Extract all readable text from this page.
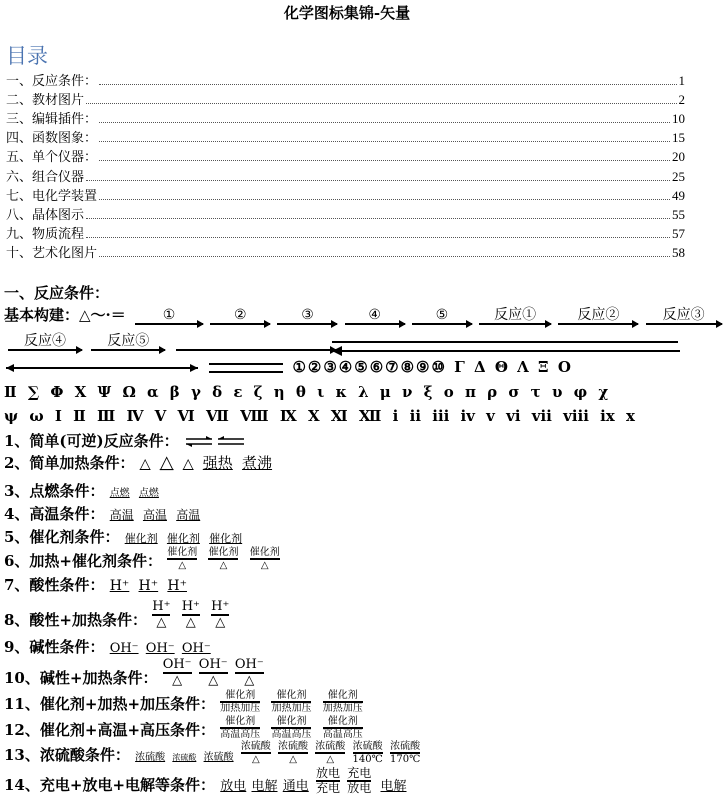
化学图标集锦-矢量
目录
一、反应条件：	1
二、教材图片	2
三、编辑插件：	10
四、函数图象：	15
五、单个仪器：	20
六、组合仪器	25
七、电化学装置	49
八、晶体图示	55
九、物质流程	57
十、艺术化图片	58
一、反应条件：
基本构建：△～·＝	①
	②
	③
	④
	⑤
	反应①
	反应②
	反应③
反应④
	反应⑤

①②③④⑤⑥⑦⑧⑨⑩ Γ Δ Θ Λ Ξ Ο
Ⅱ ∑ Φ Χ Ψ Ω α β γ δ ε ζ η θ ι κ λ μ ν ξ ο π ρ σ τ υ φ χ
ψ ω Ⅰ Ⅱ Ⅲ Ⅳ Ⅴ Ⅵ Ⅶ Ⅷ Ⅸ Ⅹ Ⅺ Ⅻ ⅰ ⅱ ⅲ ⅳ ⅴ ⅵ ⅶ ⅷ ⅸ ⅹ
1、简单(可逆)反应条件：
2、简单加热条件： △ △ △ 强热 煮沸
3、点燃条件： 点燃 点燃
4、高温条件： 高温 高温 高温
5、催化剂条件： 催化剂 催化剂 催化剂
6、加热+催化剂条件： 催化剂
△
催化剂
△
催化剂
△
7、酸性条件： H⁺ H⁺ H⁺
8、酸性+加热条件：
H⁺
△
H⁺
△
H⁺
△
9、碱性条件： OH⁻ OH⁻ OH⁻
10、碱性+加热条件：
OH⁻
△
OH⁻
△
OH⁻
△
11、催化剂+加热+加压条件：	催化剂
加热加压
催化剂
加热加压
催化剂
加热加压
12、催化剂+高温+高压条件：	催化剂
高温高压
催化剂
高温高压
催化剂
高温高压
13、浓硫酸条件： 浓硫酸 浓硫酸 浓硫酸
浓硫酸
△
浓硫酸
△
浓硫酸
△
浓硫酸
140℃
浓硫酸
170℃
14、充电+放电+电解等条件： 放电 电解 通电
放电
充电
充电
放电 电解
